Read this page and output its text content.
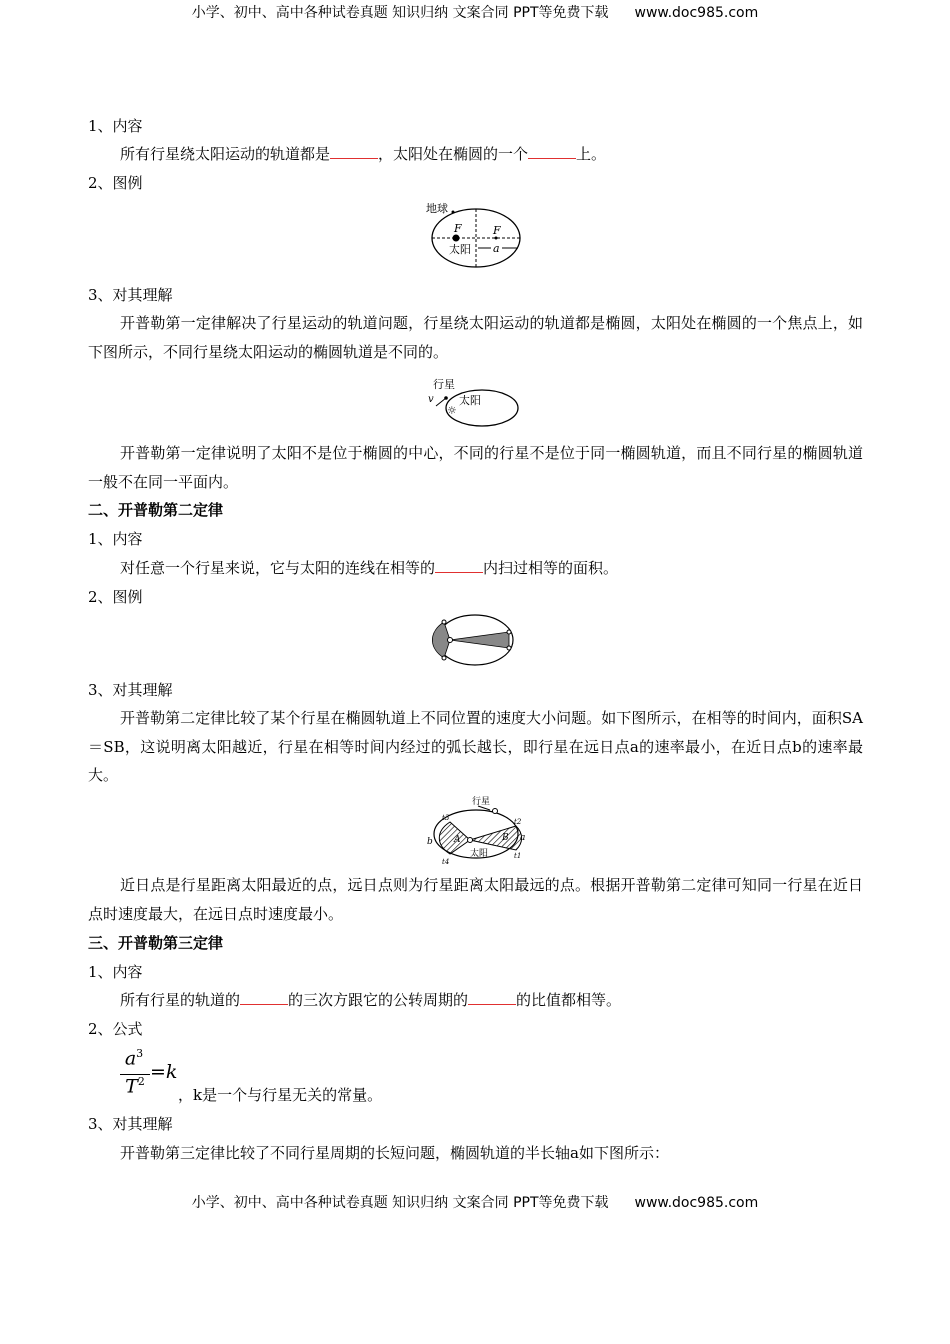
小学、初中、高中各种试卷真题 知识归纳 文案合同 PPT等免费下载 www.doc985.com
1、内容
所有行星绕太阳运动的轨道都是	，太阳处在椭圆的一个	上。
2、图例
地球
F	F
太阳 a
3、对其理解
开普勒第一定律解决了行星运动的轨道问题，行星绕太阳运动的轨道都是椭圆，太阳处在椭圆的一个焦点上，如下图所示，不同行星绕太阳运动的椭圆轨道是不同的。
行星
v
☼
太阳
开普勒第一定律说明了太阳不是位于椭圆的中心，不同的行星不是位于同一椭圆轨道，而且不同行星的椭圆轨道一般不在同一平面内。
二、开普勒第二定律
1、内容
对任意一个行星来说，它与太阳的连线在相等的	内扫过相等的面积。
2、图例
3、对其理解
开普勒第二定律比较了某个行星在椭圆轨道上不同位置的速度大小问题。如下图所示，在相等的时间内，面积SA＝SB，这说明离太阳越近，行星在相等时间内经过的弧长越长，即行星在远日点a的速率最小，在近日点b的速率最大。
行星
太阳
A	B a
b
t3
t4
t2
t1
近日点是行星距离太阳最近的点，远日点则为行星距离太阳最远的点。根据开普勒第二定律可知同一行星在近日点时速度最大，在远日点时速度最小。
三、开普勒第三定律
1、内容
所有行星的轨道的	的三次方跟它的公转周期的	的比值都相等。
2、公式
$a^3$
$T^2 =k$
，k是一个与行星无关的常量。
3、对其理解
开普勒第三定律比较了不同行星周期的长短问题，椭圆轨道的半长轴a如下图所示：
小学、初中、高中各种试卷真题 知识归纳 文案合同 PPT等免费下载 www.doc985.com
